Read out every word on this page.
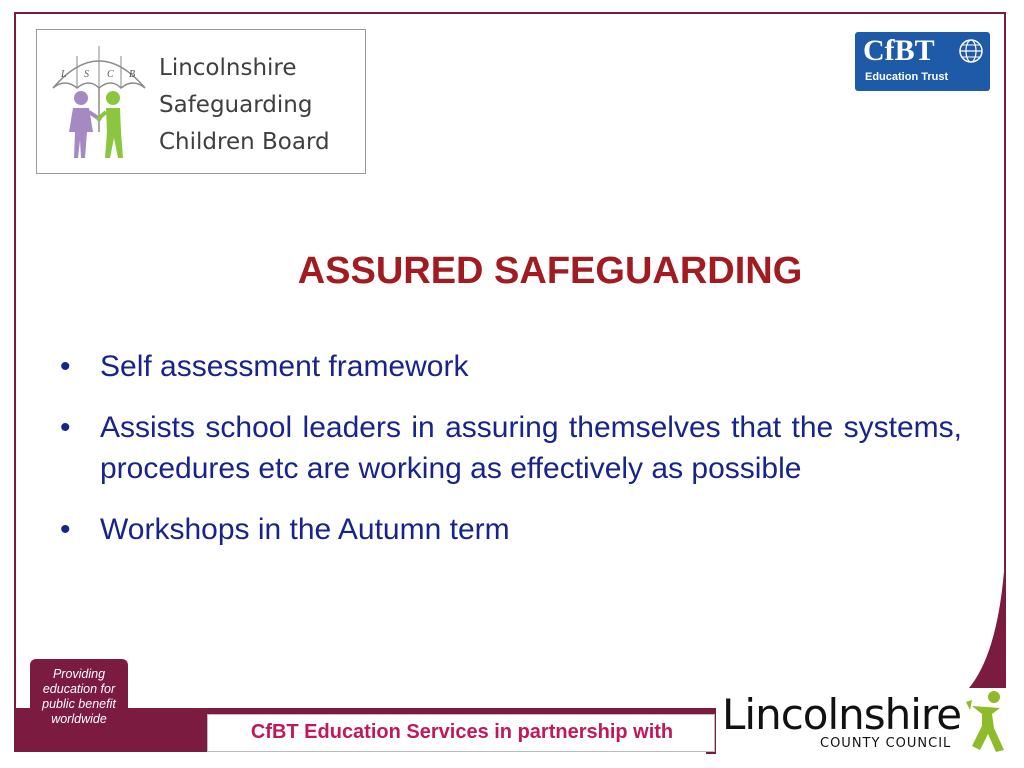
L S C B Lincolnshire
Safeguarding
Children Board
CfBT
Education Trust
ASSURED SAFEGUARDING
• Self assessment framework
• Assists school leaders in assuring themselves that the systems, procedures etc are working as effectively as possible
• Workshops in the Autumn term
Providing
education for
public benefit
worldwide
CfBT Education Services in partnership with	Lincolnshire
COUNTY COUNCIL
